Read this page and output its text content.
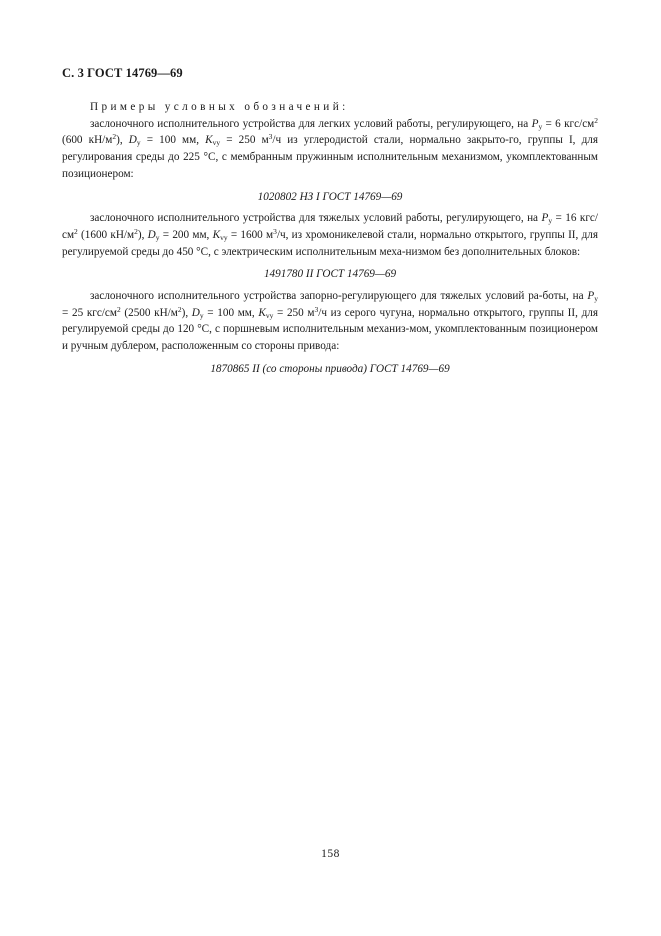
С. 3 ГОСТ 14769—69

Примеры условных обозначений:

заслоночного исполнительного устройства для легких условий работы, регулирующего, на $P_у = 6$ кгс/$см^2$ (600 $кН/м^2$), $D_у = 100$ мм, $K_{vу} = 250$ $м^3/ч$ из углеродистой стали, нормально закрыто-го, группы I, для регулирования среды до 225 °С, с мембранным пружинным исполнительным механизмом, укомплектованным позиционером:

1020802 НЗ I ГОСТ 14769—69

заслоночного исполнительного устройства для тяжелых условий работы, регулирующего, на $P_у = 16$ кгс/$см^2$ (1600 $кН/м^2$), $D_у = 200$ мм, $K_{vу} = 1600$ $м^3/ч$, из хромоникелевой стали, нормально открытого, группы II, для регулируемой среды до 450 °С, с электрическим исполнительным меха-низмом без дополнительных блоков:

1491780 II ГОСТ 14769—69

заслоночного исполнительного устройства запорно-регулирующего для тяжелых условий ра-боты, на $P_у = 25$ кгс/$см^2$ (2500 $кН/м^2$), $D_у = 100$ мм, $K_{vу} = 250$ $м^3/ч$ из серого чугуна, нормально открытого, группы II, для регулируемой среды до 120 °С, с поршневым исполнительным механиз-мом, укомплектованным позиционером и ручным дублером, расположенным со стороны привода:

1870865 II (со стороны привода) ГОСТ 14769—69

158
